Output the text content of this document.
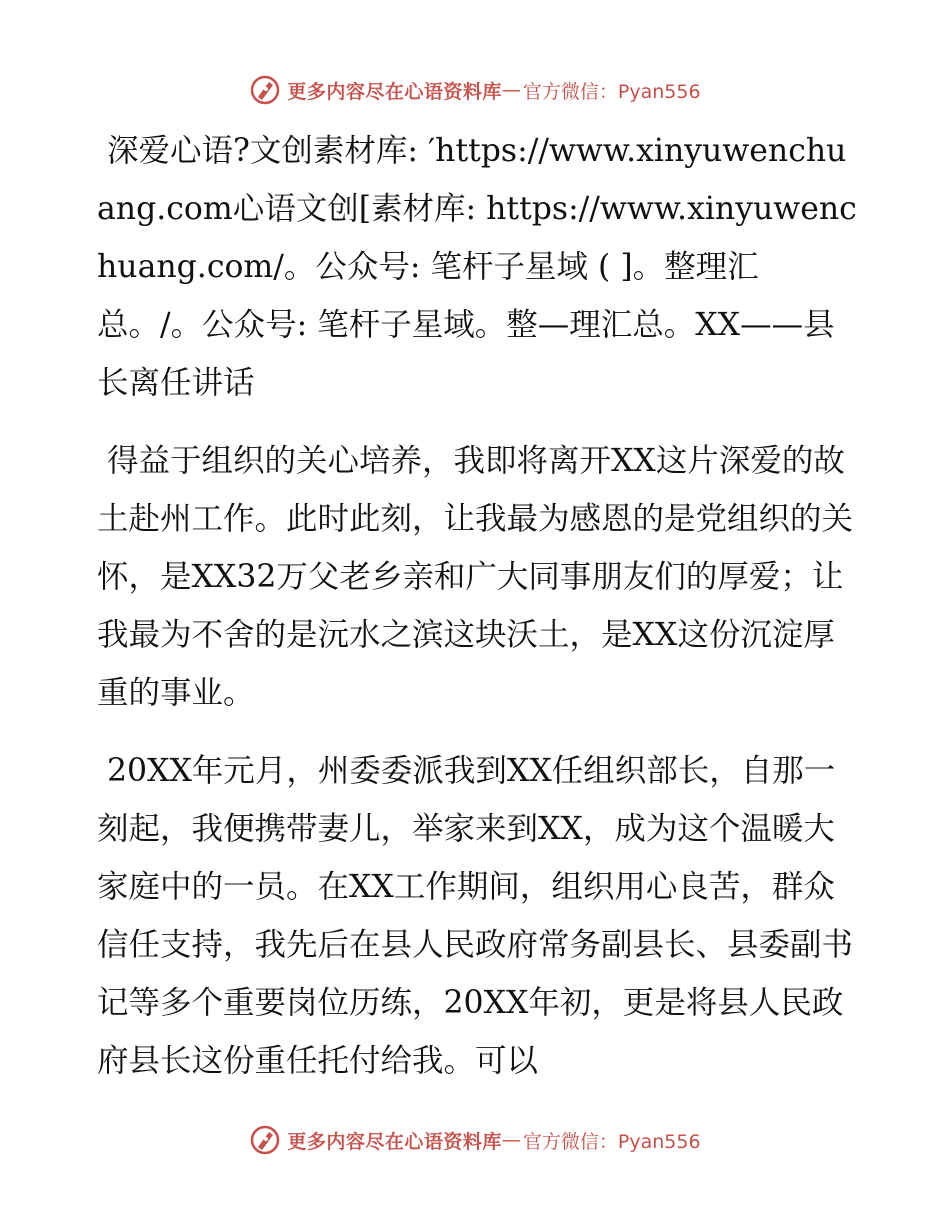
更多内容尽在心语资料库 — 官方微信：Pyan556

深爱心语?文创素材库: ′https://www.xinyuwenchuang.com心语文创[素材库: https://www.xinyuwenchuang.com/。公众号: 笔杆子星域 ( ]。整理汇总。/。公众号: 笔杆子星域。整—理汇总。XX——县长离任讲话

得益于组织的关心培养，我即将离开XX这片深爱的故土赴州工作。此时此刻，让我最为感恩的是党组织的关怀，是XX32万父老乡亲和广大同事朋友们的厚爱；让我最为不舍的是沅水之滨这块沃土，是XX这份沉淀厚重的事业。

20XX年元月，州委委派我到XX任组织部长，自那一刻起，我便携带妻儿，举家来到XX，成为这个温暖大家庭中的一员。在XX工作期间，组织用心良苦，群众信任支持，我先后在县人民政府常务副县长、县委副书记等多个重要岗位历练，20XX年初，更是将县人民政府县长这份重任托付给我。可以

更多内容尽在心语资料库 — 官方微信：Pyan556
